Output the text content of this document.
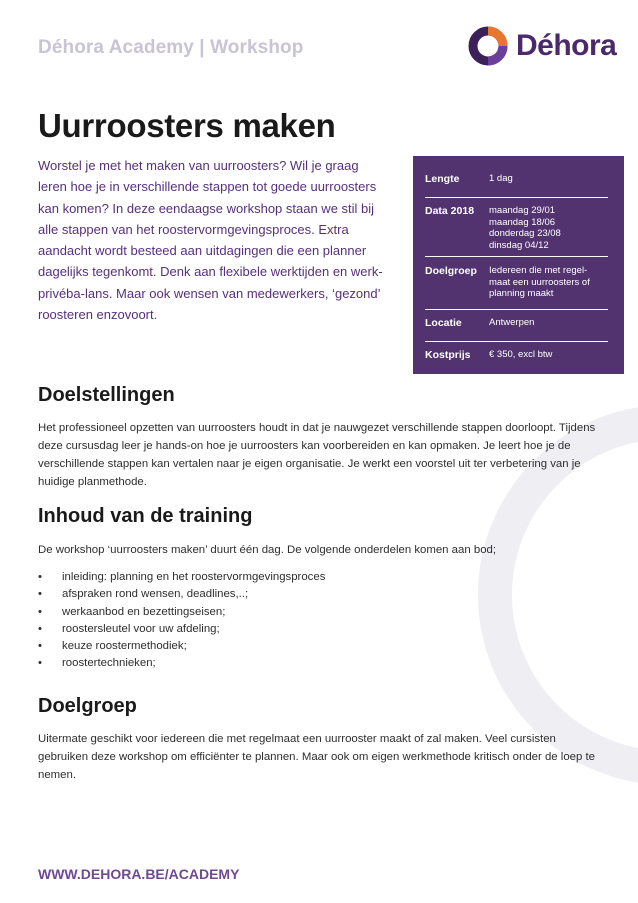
Déhora Academy | Workshop	Déhora
Uurroosters maken

Worstel je met het maken van uurroosters? Wil je graag leren hoe je in verschillende stappen tot goede uurroosters kan komen? In deze eendaagse workshop staan we stil bij alle stappen van het roostervormgevingsproces. Extra aandacht wordt besteed aan uitdagingen die een planner dagelijks tegenkomt. Denk aan flexibele werktijden en werk-privéba-lans. Maar ook wensen van medewerkers, ‘gezond’ roosteren enzovoort.

Lengte	1 dag
Data 2018	maandag 29/01
maandag 18/06
donderdag 23/08
dinsdag 04/12
Doelgroep	Iedereen die met regel-
maat een uurroosters of
planning maakt
Locatie	Antwerpen
Kostprijs	€ 350, excl btw
Doelstellingen

Het professioneel opzetten van uurroosters houdt in dat je nauwgezet verschillende stappen doorloopt. Tijdens deze cursusdag leer je hands-on hoe je uurroosters kan voorbereiden en kan opmaken. Je leert hoe je de verschillende stappen kan vertalen naar je eigen organisatie. Je werkt een voorstel uit ter verbetering van je huidige planmethode.

Inhoud van de training

De workshop ‘uurroosters maken’ duurt één dag. De volgende onderdelen komen aan bod;

•	inleiding: planning en het roostervormgevingsproces
•	afspraken rond wensen, deadlines,..;
•	werkaanbod en bezettingseisen;
•	roostersleutel voor uw afdeling;
•	keuze roostermethodiek;
•	roostertechnieken;
Doelgroep

Uitermate geschikt voor iedereen die met regelmaat een uurrooster maakt of zal maken. Veel cursisten gebruiken deze workshop om efficiënter te plannen. Maar ook om eigen werkmethode kritisch onder de loep te nemen.

WWW.DEHORA.BE/ACADEMY
